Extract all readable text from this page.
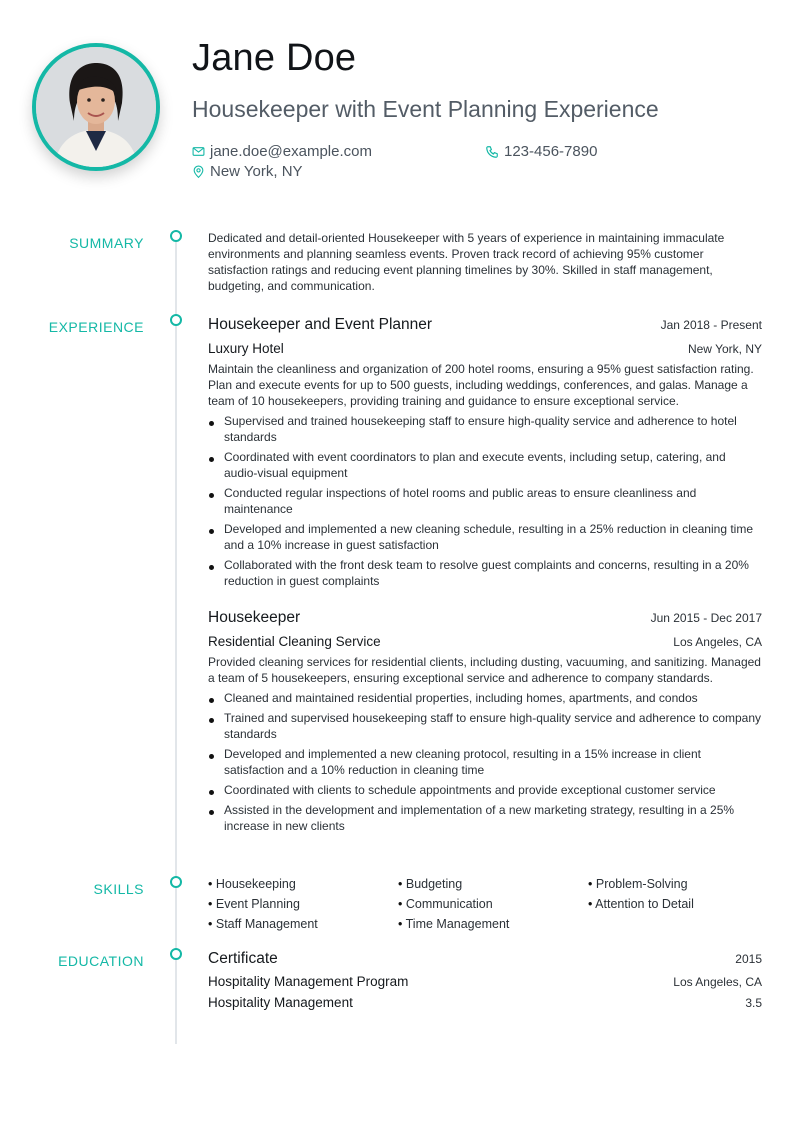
Jane Doe
Housekeeper with Event Planning Experience
jane.doe@example.com	123-456-7890
New York, NY
SUMMARY
EXPERIENCE
SKILLS
EDUCATION
Dedicated and detail-oriented Housekeeper with 5 years of experience in maintaining immaculate environments and planning seamless events. Proven track record of achieving 95% customer satisfaction ratings and reducing event planning timelines by 30%. Skilled in staff management, budgeting, and communication.
Housekeeper and Event Planner	Jan 2018 - Present
Luxury Hotel	New York, NY
Maintain the cleanliness and organization of 200 hotel rooms, ensuring a 95% guest satisfaction rating. Plan and execute events for up to 500 guests, including weddings, conferences, and galas. Manage a team of 10 housekeepers, providing training and guidance to ensure exceptional service.
Supervised and trained housekeeping staff to ensure high-quality service and adherence to hotel standards
Coordinated with event coordinators to plan and execute events, including setup, catering, and audio-visual equipment
Conducted regular inspections of hotel rooms and public areas to ensure cleanliness and maintenance
Developed and implemented a new cleaning schedule, resulting in a 25% reduction in cleaning time and a 10% increase in guest satisfaction
Collaborated with the front desk team to resolve guest complaints and concerns, resulting in a 20% reduction in guest complaints
Housekeeper	Jun 2015 - Dec 2017
Residential Cleaning Service	Los Angeles, CA
Provided cleaning services for residential clients, including dusting, vacuuming, and sanitizing. Managed a team of 5 housekeepers, ensuring exceptional service and adherence to company standards.
Cleaned and maintained residential properties, including homes, apartments, and condos
Trained and supervised housekeeping staff to ensure high-quality service and adherence to company standards
Developed and implemented a new cleaning protocol, resulting in a 15% increase in client satisfaction and a 10% reduction in cleaning time
Coordinated with clients to schedule appointments and provide exceptional customer service
Assisted in the development and implementation of a new marketing strategy, resulting in a 25% increase in new clients
• Housekeeping	• Budgeting	• Problem-Solving
• Event Planning	• Communication	• Attention to Detail
• Staff Management	• Time Management
Certificate	2015
Hospitality Management Program	Los Angeles, CA
Hospitality Management	3.5
